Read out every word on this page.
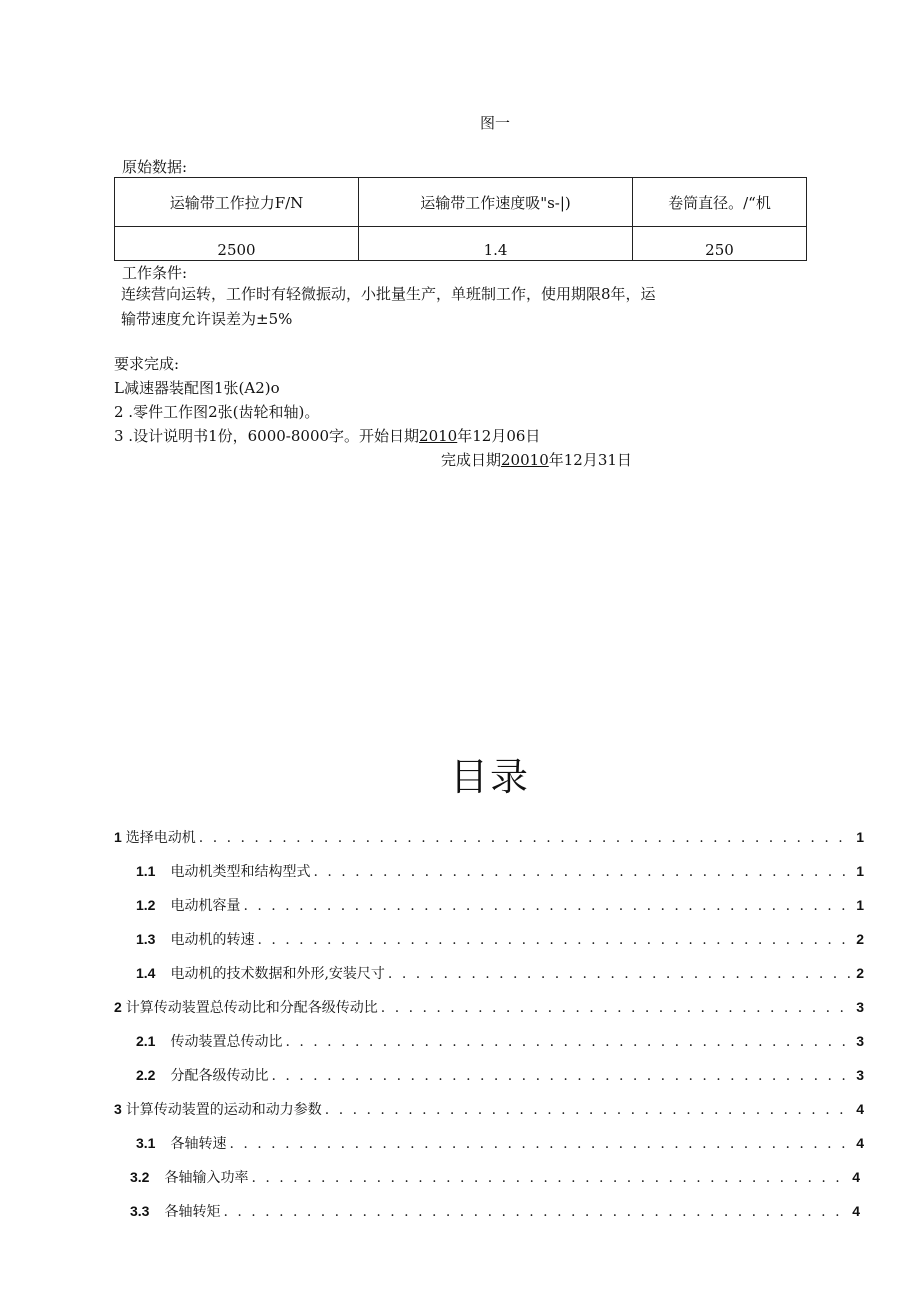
图一
原始数据:
运输带工作拉力F/N	运输带工作速度吸"s-|)	卷筒直径。/“机
2500	1.4	250
工作条件:
连续营向运转，工作时有轻微振动，小批量生产，单班制工作，使用期限8年，运
输带速度允许误差为±5%
要求完成:
L减速器装配图1张(A2)o
2 .零件工作图2张(齿轮和轴)。
3 .设计说明书1份，6000-8000字。开始日期2010年12月06日
完成日期20010年12月31日
目录
1 选择电动机 . . .	1
1.1 电动机类型和结构型式 . . .	1
1.2 电动机容量 . . .	1
1.3 电动机的转速 . . .	2
1.4 电动机的技术数据和外形,安装尺寸 . . .	2
2 计算传动装置总传动比和分配各级传动比 . . .	3
2.1 传动装置总传动比 . . .	3
2.2 分配各级传动比 . . .	3
3 计算传动装置的运动和动力参数 . . .	4
3.1 各轴转速 . . .	4
3.2 各轴输入功率 . . .	4
3.3 各轴转矩 . . .	4
